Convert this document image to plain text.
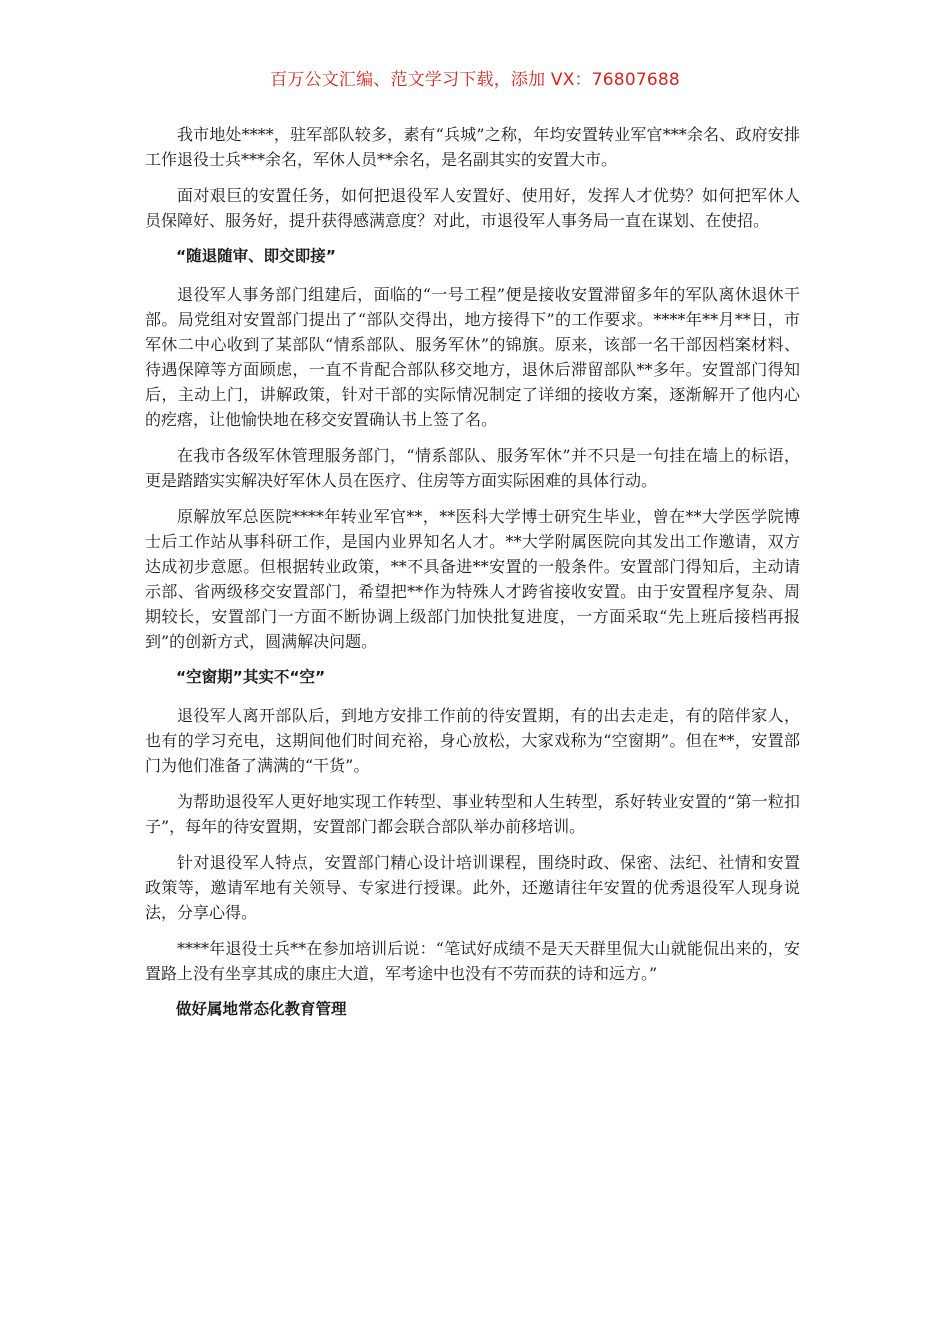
百万公文汇编、范文学习下载，添加 VX：76807688

我市地处****，驻军部队较多，素有“兵城”之称，年均安置转业军官***余名、政府安排工作退役士兵***余名，军休人员**余名，是名副其实的安置大市。

面对艰巨的安置任务，如何把退役军人安置好、使用好，发挥人才优势？如何把军休人员保障好、服务好，提升获得感满意度？对此，市退役军人事务局一直在谋划、在使招。

“随退随审、即交即接”

退役军人事务部门组建后，面临的“一号工程”便是接收安置滞留多年的军队离休退休干部。局党组对安置部门提出了“部队交得出，地方接得下”的工作要求。****年**月**日，市军休二中心收到了某部队“情系部队、服务军休”的锦旗。原来，该部一名干部因档案材料、待遇保障等方面顾虑，一直不肯配合部队移交地方，退休后滞留部队**多年。安置部门得知后，主动上门，讲解政策，针对干部的实际情况制定了详细的接收方案，逐渐解开了他内心的疙瘩，让他愉快地在移交安置确认书上签了名。

在我市各级军休管理服务部门，“情系部队、服务军休”并不只是一句挂在墙上的标语，更是踏踏实实解决好军休人员在医疗、住房等方面实际困难的具体行动。

原解放军总医院****年转业军官**，**医科大学博士研究生毕业，曾在**大学医学院博士后工作站从事科研工作，是国内业界知名人才。**大学附属医院向其发出工作邀请，双方达成初步意愿。但根据转业政策，**不具备进**安置的一般条件。安置部门得知后，主动请示部、省两级移交安置部门，希望把**作为特殊人才跨省接收安置。由于安置程序复杂、周期较长，安置部门一方面不断协调上级部门加快批复进度，一方面采取“先上班后接档再报到”的创新方式，圆满解决问题。

“空窗期”其实不“空”

退役军人离开部队后，到地方安排工作前的待安置期，有的出去走走，有的陪伴家人，也有的学习充电，这期间他们时间充裕，身心放松，大家戏称为“空窗期”。但在**，安置部门为他们准备了满满的“干货”。

为帮助退役军人更好地实现工作转型、事业转型和人生转型，系好转业安置的“第一粒扣子”，每年的待安置期，安置部门都会联合部队举办前移培训。

针对退役军人特点，安置部门精心设计培训课程，围绕时政、保密、法纪、社情和安置政策等，邀请军地有关领导、专家进行授课。此外，还邀请往年安置的优秀退役军人现身说法，分享心得。

****年退役士兵**在参加培训后说：“笔试好成绩不是天天群里侃大山就能侃出来的，安置路上没有坐享其成的康庄大道，军考途中也没有不劳而获的诗和远方。”

做好属地常态化教育管理
